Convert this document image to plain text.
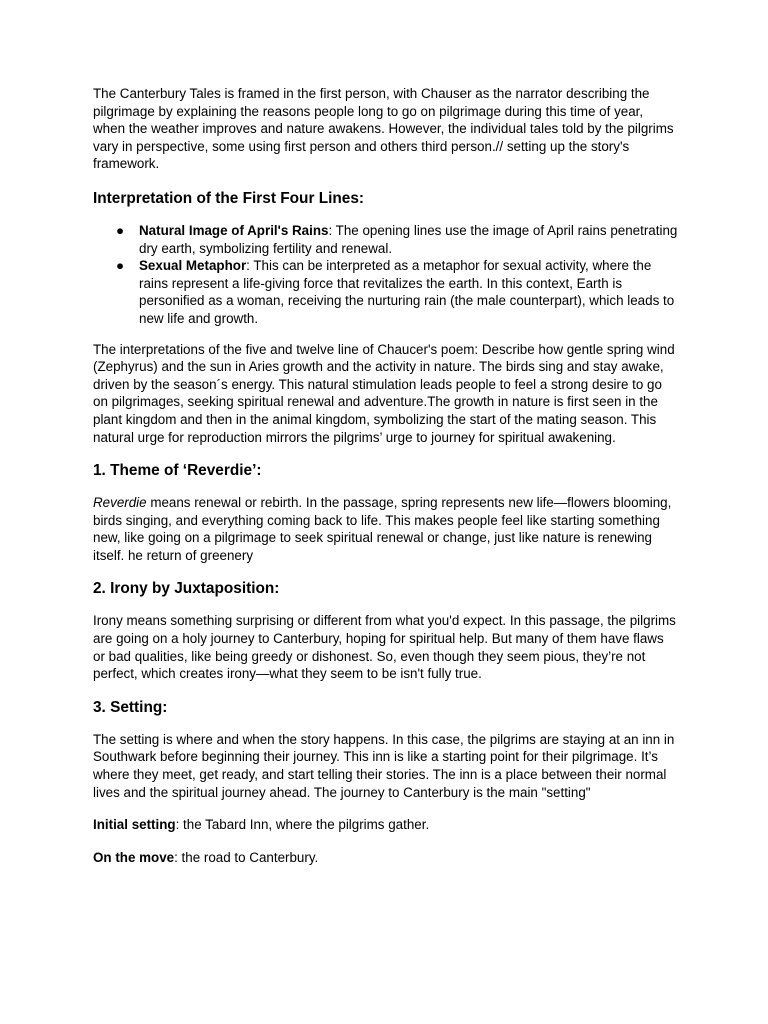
The Canterbury Tales is framed in the first person, with Chauser as the narrator describing the pilgrimage by explaining the reasons people long to go on pilgrimage during this time of year, when the weather improves and nature awakens. However, the individual tales told by the pilgrims vary in perspective, some using first person and others third person.// setting up the story's framework.

Interpretation of the First Four Lines:
● Natural Image of April's Rains: The opening lines use the image of April rains penetrating dry earth, symbolizing fertility and renewal.
● Sexual Metaphor: This can be interpreted as a metaphor for sexual activity, where the rains represent a life-giving force that revitalizes the earth. In this context, Earth is personified as a woman, receiving the nurturing rain (the male counterpart), which leads to new life and growth.

The interpretations of the five and twelve line of Chaucer's poem: Describe how gentle spring wind (Zephyrus) and the sun in Aries growth and the activity in nature. The birds sing and stay awake, driven by the season´s energy. This natural stimulation leads people to feel a strong desire to go on pilgrimages, seeking spiritual renewal and adventure.The growth in nature is first seen in the plant kingdom and then in the animal kingdom, symbolizing the start of the mating season. This natural urge for reproduction mirrors the pilgrims’ urge to journey for spiritual awakening.

1. Theme of ‘Reverdie’:

Reverdie means renewal or rebirth. In the passage, spring represents new life—flowers blooming, birds singing, and everything coming back to life. This makes people feel like starting something new, like going on a pilgrimage to seek spiritual renewal or change, just like nature is renewing itself. he return of greenery

2. Irony by Juxtaposition:

Irony means something surprising or different from what you'd expect. In this passage, the pilgrims are going on a holy journey to Canterbury, hoping for spiritual help. But many of them have flaws or bad qualities, like being greedy or dishonest. So, even though they seem pious, they’re not perfect, which creates irony—what they seem to be isn't fully true.

3. Setting:

The setting is where and when the story happens. In this case, the pilgrims are staying at an inn in Southwark before beginning their journey. This inn is like a starting point for their pilgrimage. It’s where they meet, get ready, and start telling their stories. The inn is a place between their normal lives and the spiritual journey ahead. The journey to Canterbury is the main "setting"

Initial setting: the Tabard Inn, where the pilgrims gather.

On the move: the road to Canterbury.
